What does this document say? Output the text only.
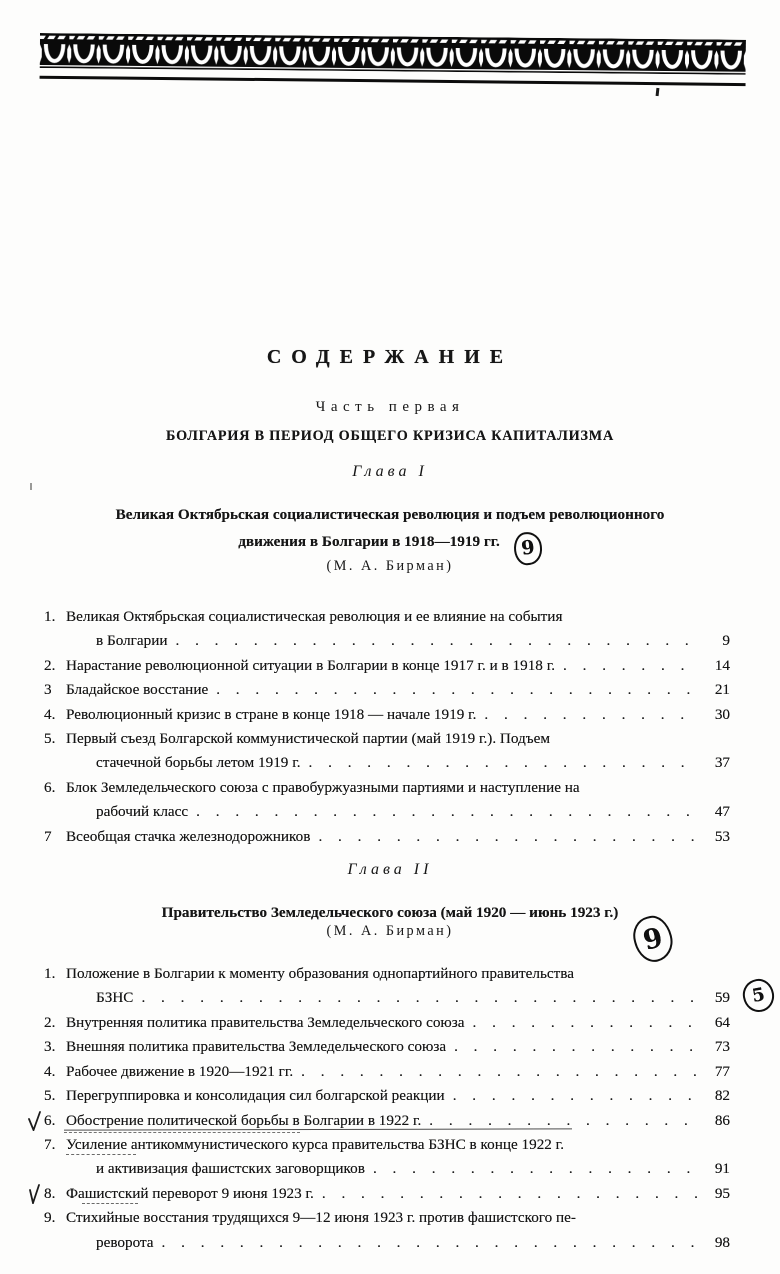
СОДЕРЖАНИЕ
Часть первая
БОЛГАРИЯ В ПЕРИОД ОБЩЕГО КРИЗИСА КАПИТАЛИЗМА
Глава I
Великая Октябрьская социалистическая революция и подъем революционного
движения в Болгарии в 1918—1919 гг. 9
(М. А. Бирман)
1. Великая Октябрьская социалистическая революция и ее влияние на события
в Болгарии . . .	9
2. Нарастание революционной ситуации в Болгарии в конце 1917 г. и в 1918 г. . . .	14
3 Бладайское восстание . . .	21
4. Революционный кризис в стране в конце 1918 — начале 1919 г. . . .	30
5. Первый съезд Болгарской коммунистической партии (май 1919 г.). Подъем
стачечной борьбы летом 1919 г. . . .	37
6. Блок Земледельческого союза с правобуржуазными партиями и наступление на
рабочий класс . . .	47
7 Всеобщая стачка железнодорожников . . .	53
Глава II
Правительство Земледельческого союза (май 1920 — июнь 1923 г.)
9
(М. А. Бирман)
1. Положение в Болгарии к моменту образования однопартийного правительства
БЗНС . . .	59 5
2. Внутренняя политика правительства Земледельческого союза . . .	64
3. Внешняя политика правительства Земледельческого союза . . .	73
4. Рабочее движение в 1920—1921 гг. . . .	77
5. Перегруппировка и консолидация сил болгарской реакции . . .	82
6. Обострение политической борьбы в Болгарии в 1922 г. . . .	86
7. Усиление антикоммунистического курса правительства БЗНС в конце 1922 г.
и активизация фашистских заговорщиков . . .	91
8. Фашистский переворот 9 июня 1923 г. . . .	95
9. Стихийные восстания трудящихся 9—12 июня 1923 г. против фашистского пе-
реворота . . .	98
